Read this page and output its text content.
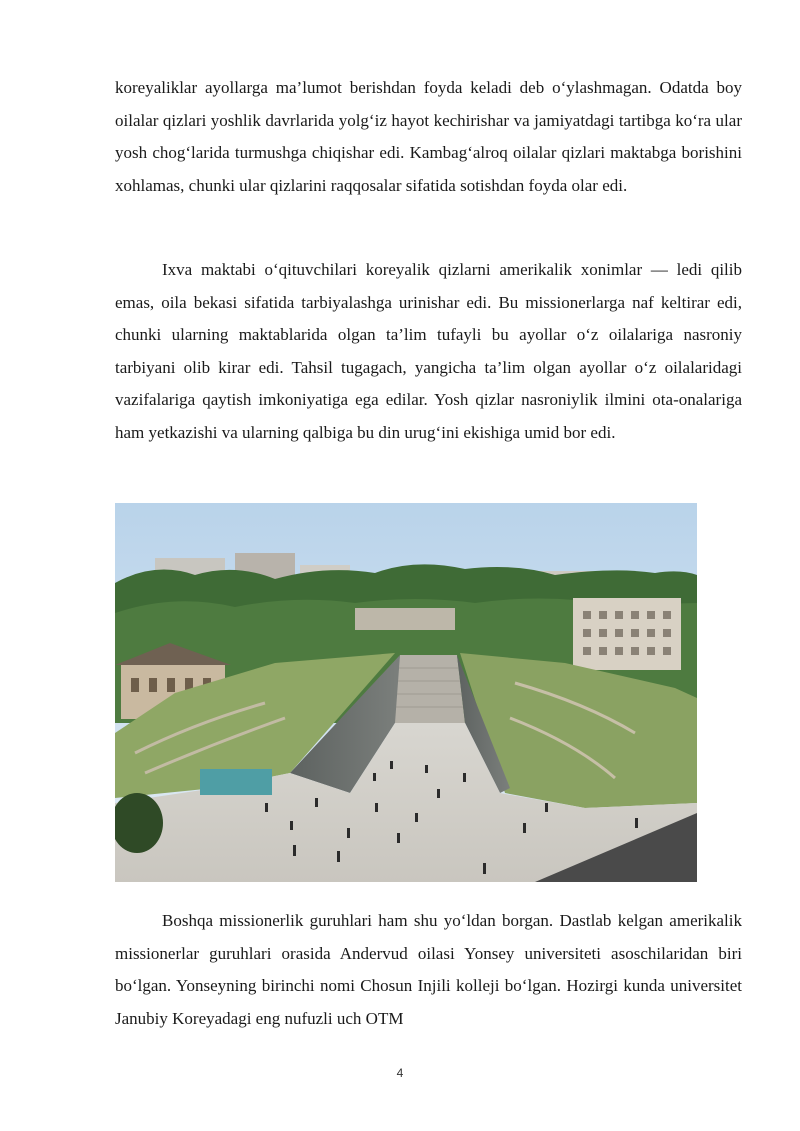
koreyaliklar ayollarga ma’lumot berishdan foyda keladi deb o‘ylashmagan. Odatda boy oilalar qizlari yoshlik davrlarida yolg‘iz hayot kechirishar va jamiyatdagi tartibga ko‘ra ular yosh chog‘larida turmushga chiqishar edi. Kambag‘alroq oilalar qizlari maktabga borishini xohlamas, chunki ular qizlarini raqqosalar sifatida sotishdan foyda olar edi.

Ixva maktabi o‘qituvchilari koreyalik qizlarni amerikalik xonimlar — ledi qilib emas, oila bekasi sifatida tarbiyalashga urinishar edi. Bu missionerlarga naf keltirar edi, chunki ularning maktablarida olgan ta’lim tufayli bu ayollar o‘z oilalariga nasroniy tarbiyani olib kirar edi. Tahsil tugagach, yangicha ta’lim olgan ayollar o‘z oilalaridagi vazifalariga qaytish imkoniyatiga ega edilar. Yosh qizlar nasroniylik ilmini ota-onalariga ham yetkazishi va ularning qalbiga bu din urug‘ini ekishiga umid bor edi.

Boshqa missionerlik guruhlari ham shu yo‘ldan borgan. Dastlab kelgan amerikalik missionerlar guruhlari orasida Andervud oilasi Yonsey universiteti asoschilaridan biri bo‘lgan. Yonseyning birinchi nomi Chosun Injili kolleji bo‘lgan. Hozirgi kunda universitet Janubiy Koreyadagi eng nufuzli uch OTM

4
